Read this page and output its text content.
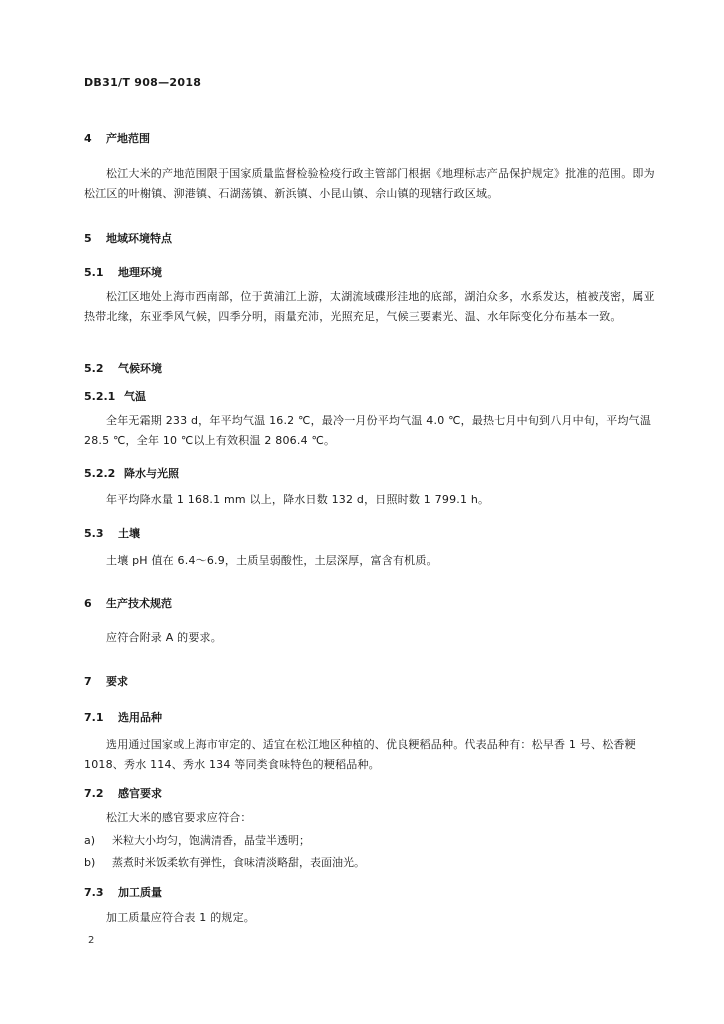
DB31/T 908—2018
4 产地范围

松江大米的产地范围限于国家质量监督检验检疫行政主管部门根据《地理标志产品保护规定》批准的范围。即为松江区的叶榭镇、泖港镇、石湖荡镇、新浜镇、小昆山镇、佘山镇的现辖行政区域。

5 地域环境特点
5.1 地理环境

松江区地处上海市西南部，位于黄浦江上游，太湖流域碟形洼地的底部，湖泊众多，水系发达，植被茂密，属亚热带北缘，东亚季风气候，四季分明，雨量充沛，光照充足，气候三要素光、温、水年际变化分布基本一致。

5.2 气候环境
5.2.1 气温

全年无霜期 233 d，年平均气温 16.2 ℃，最冷一月份平均气温 4.0 ℃，最热七月中旬到八月中旬，平均气温 28.5 ℃，全年 10 ℃以上有效积温 2 806.4 ℃。

5.2.2 降水与光照

年平均降水量 1 168.1 mm 以上，降水日数 132 d，日照时数 1 799.1 h。

5.3 土壤

土壤 pH 值在 6.4～6.9，土质呈弱酸性，土层深厚，富含有机质。

6 生产技术规范

应符合附录 A 的要求。

7 要求
7.1 选用品种

选用通过国家或上海市审定的、适宜在松江地区种植的、优良粳稻品种。代表品种有：松早香 1 号、松香粳 1018、秀水 114、秀水 134 等同类食味特色的粳稻品种。

7.2 感官要求

松江大米的感官要求应符合：

a) 米粒大小均匀，饱满清香，晶莹半透明；
b) 蒸煮时米饭柔软有弹性，食味清淡略甜，表面油光。
7.3 加工质量

加工质量应符合表 1 的规定。

2
